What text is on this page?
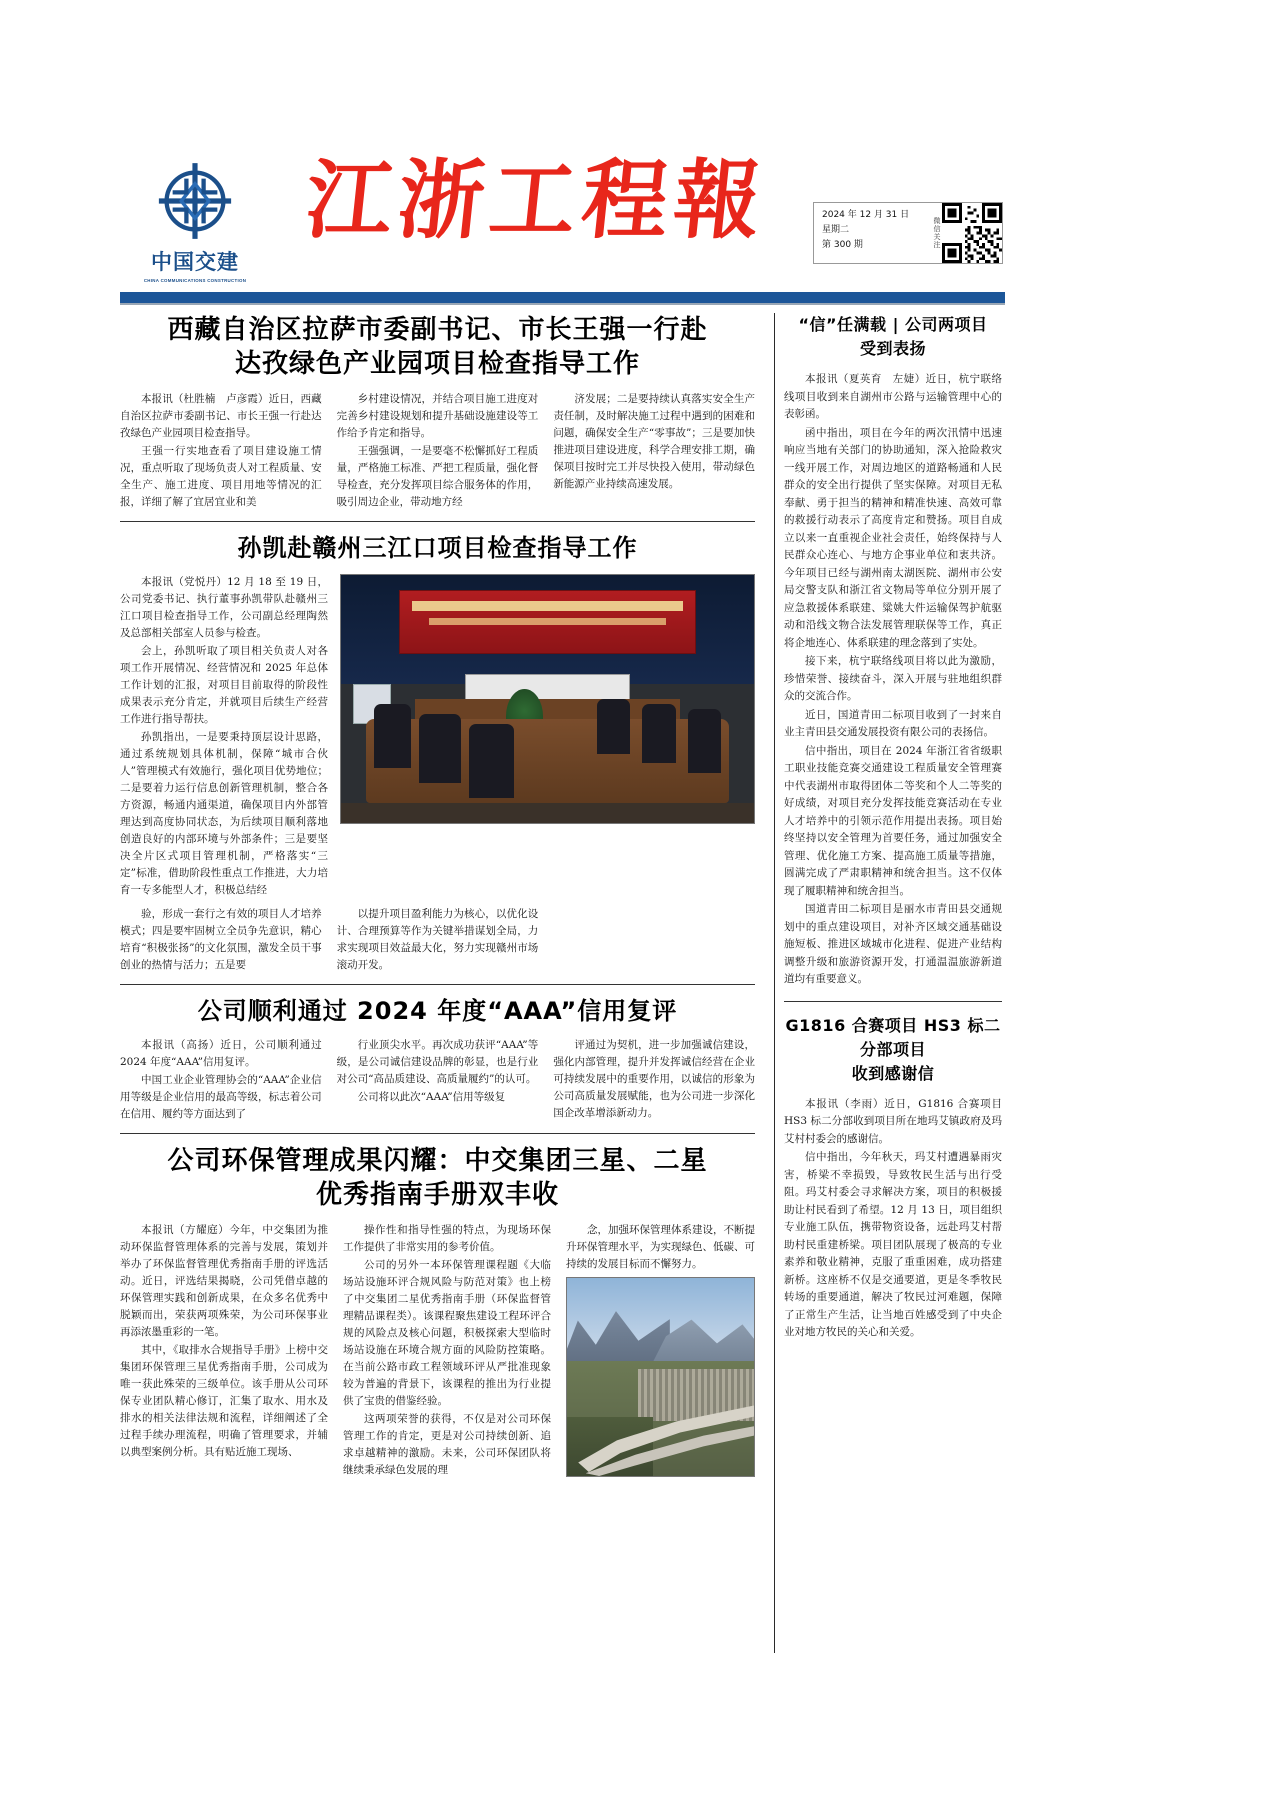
中国交建
CHINA COMMUNICATIONS CONSTRUCTION
江浙工程報	2024 年 12 月 31 日
星期二
第 300 期	微信关注
西藏自治区拉萨市委副书记、市长王强一行赴
达孜绿色产业园项目检查指导工作

本报讯（杜胜楠　卢彦霞）近日，西藏自治区拉萨市委副书记、市长王强一行赴达孜绿色产业园项目检查指导。

王强一行实地查看了项目建设施工情况，重点听取了现场负责人对工程质量、安全生产、施工进度、项目用地等情况的汇报，详细了解了宜居宜业和美

乡村建设情况，并结合项目施工进度对完善乡村建设规划和提升基础设施建设等工作给予肯定和指导。

王强强调，一是要毫不松懈抓好工程质量，严格施工标准、严把工程质量，强化督导检查，充分发挥项目综合服务体的作用，吸引周边企业，带动地方经

济发展；二是要持续认真落实安全生产责任制，及时解决施工过程中遇到的困难和问题，确保安全生产“零事故”；三是要加快推进项目建设进度，科学合理安排工期，确保项目按时完工并尽快投入使用，带动绿色新能源产业持续高速发展。

孙凯赴赣州三江口项目检查指导工作

本报讯（党悦丹）12 月 18 至 19 日，公司党委书记、执行董事孙凯带队赴赣州三江口项目检查指导工作，公司副总经理陶然及总部相关部室人员参与检查。

会上，孙凯听取了项目相关负责人对各项工作开展情况、经营情况和 2025 年总体工作计划的汇报，对项目目前取得的阶段性成果表示充分肯定，并就项目后续生产经营工作进行指导帮扶。

孙凯指出，一是要秉持顶层设计思路，通过系统规划具体机制，保障“城市合伙人”管理模式有效施行，强化项目优势地位；二是要着力运行信息创新管理机制，整合各方资源，畅通内通渠道，确保项目内外部管理达到高度协同状态，为后续项目顺利落地创造良好的内部环境与外部条件；三是要坚决全片区式项目管理机制，严格落实“三定”标准，借助阶段性重点工作推进，大力培育一专多能型人才，积极总结经

验，形成一套行之有效的项目人才培养模式；四是要牢固树立全员争先意识，精心培育“积极张扬”的文化氛围，激发全员干事创业的热情与活力；五是要

以提升项目盈利能力为核心，以优化设计、合理预算等作为关键举措谋划全局，力求实现项目效益最大化，努力实现赣州市场滚动开发。

公司顺利通过 2024 年度“AAA”信用复评

本报讯（高扬）近日，公司顺利通过 2024 年度“AAA”信用复评。

中国工业企业管理协会的“AAA”企业信用等级是企业信用的最高等级，标志着公司在信用、履约等方面达到了

行业顶尖水平。再次成功获评“AAA”等级，是公司诚信建设品牌的彰显，也是行业对公司“高品质建设、高质量履约”的认可。

公司将以此次“AAA”信用等级复

评通过为契机，进一步加强诚信建设，强化内部管理，提升并发挥诚信经营在企业可持续发展中的重要作用，以诚信的形象为公司高质量发展赋能，也为公司进一步深化国企改革增添新动力。

公司环保管理成果闪耀：中交集团三星、二星
优秀指南手册双丰收

本报讯（方耀庭）今年，中交集团为推动环保监督管理体系的完善与发展，策划并举办了环保监督管理优秀指南手册的评选活动。近日，评选结果揭晓，公司凭借卓越的环保管理实践和创新成果，在众多名优秀中脱颖而出，荣获两项殊荣，为公司环保事业再添浓墨重彩的一笔。

其中，《取排水合规指导手册》上榜中交集团环保管理三星优秀指南手册，公司成为唯一获此殊荣的三级单位。该手册从公司环保专业团队精心修订，汇集了取水、用水及排水的相关法律法规和流程，详细阐述了全过程手续办理流程，明确了管理要求，并辅以典型案例分析。具有贴近施工现场、

操作性和指导性强的特点，为现场环保工作提供了非常实用的参考价值。

公司的另外一本环保管理课程题《大临场站设施环评合规风险与防范对策》也上榜了中交集团二星优秀指南手册（环保监督管理精品课程类）。该课程聚焦建设工程环评合规的风险点及核心问题，积极探索大型临时场站设施在环境合规方面的风险防控策略。在当前公路市政工程领域环评从严批准现象较为普遍的背景下，该课程的推出为行业提供了宝贵的借鉴经验。

这两项荣誉的获得，不仅是对公司环保管理工作的肯定，更是对公司持续创新、追求卓越精神的激励。未来，公司环保团队将继续秉承绿色发展的理

念，加强环保管理体系建设，不断提升环保管理水平，为实现绿色、低碳、可持续的发展目标而不懈努力。

“信”任满载 | 公司两项目
受到表扬

本报讯（夏英育　左婕）近日，杭宁联络线项目收到来自湖州市公路与运输管理中心的表彰函。

函中指出，项目在今年的两次汛情中迅速响应当地有关部门的协助通知，深入抢险救灾一线开展工作，对周边地区的道路畅通和人民群众的安全出行提供了坚实保障。对项目无私奉献、勇于担当的精神和精准快速、高效可靠的救援行动表示了高度肯定和赞扬。项目自成立以来一直重视企业社会责任，始终保持与人民群众心连心、与地方企事业单位和衷共济。今年项目已经与湖州南太湖医院、湖州市公安局交警支队和浙江省文物局等单位分别开展了应急救援体系联建、粱姚大件运输保驾护航驱动和沿线文物合法发展管理联保等工作，真正将企地连心、体系联建的理念落到了实处。

接下来，杭宁联络线项目将以此为激励，珍惜荣誉、接续奋斗，深入开展与驻地组织群众的交流合作。

近日，国道青田二标项目收到了一封来自业主青田县交通发展投资有限公司的表扬信。

信中指出，项目在 2024 年浙江省省级职工职业技能竞赛交通建设工程质量安全管理赛中代表湖州市取得团体二等奖和个人二等奖的好成绩，对项目充分发挥技能竞赛活动在专业人才培养中的引领示范作用提出表扬。项目始终坚持以安全管理为首要任务，通过加强安全管理、优化施工方案、提高施工质量等措施，圆满完成了严肃职精神和统舍担当。这不仅体现了履职精神和统舍担当。

国道青田二标项目是丽水市青田县交通规划中的重点建设项目，对补齐区域交通基础设施短板、推进区域城市化进程、促进产业结构调整升级和旅游资源开发，打通温温旅游新道道均有重要意义。

G1816 合赛项目 HS3 标二分部项目
收到感谢信

本报讯（李雨）近日，G1816 合赛项目 HS3 标二分部收到项目所在地玛艾镇政府及玛艾村村委会的感谢信。

信中指出，今年秋天，玛艾村遭遇暴雨灾害，桥梁不幸损毁，导致牧民生活与出行受阻。玛艾村委会寻求解决方案，项目的积极援助让村民看到了希望。12 月 13 日，项目组织专业施工队伍，携带物资设备，远赴玛艾村帮助村民重建桥梁。项目团队展现了极高的专业素养和敬业精神，克服了重重困难，成功搭建新桥。这座桥不仅是交通要道，更是冬季牧民转场的重要通道，解决了牧民过河难题，保障了正常生产生活，让当地百姓感受到了中央企业对地方牧民的关心和关爱。
